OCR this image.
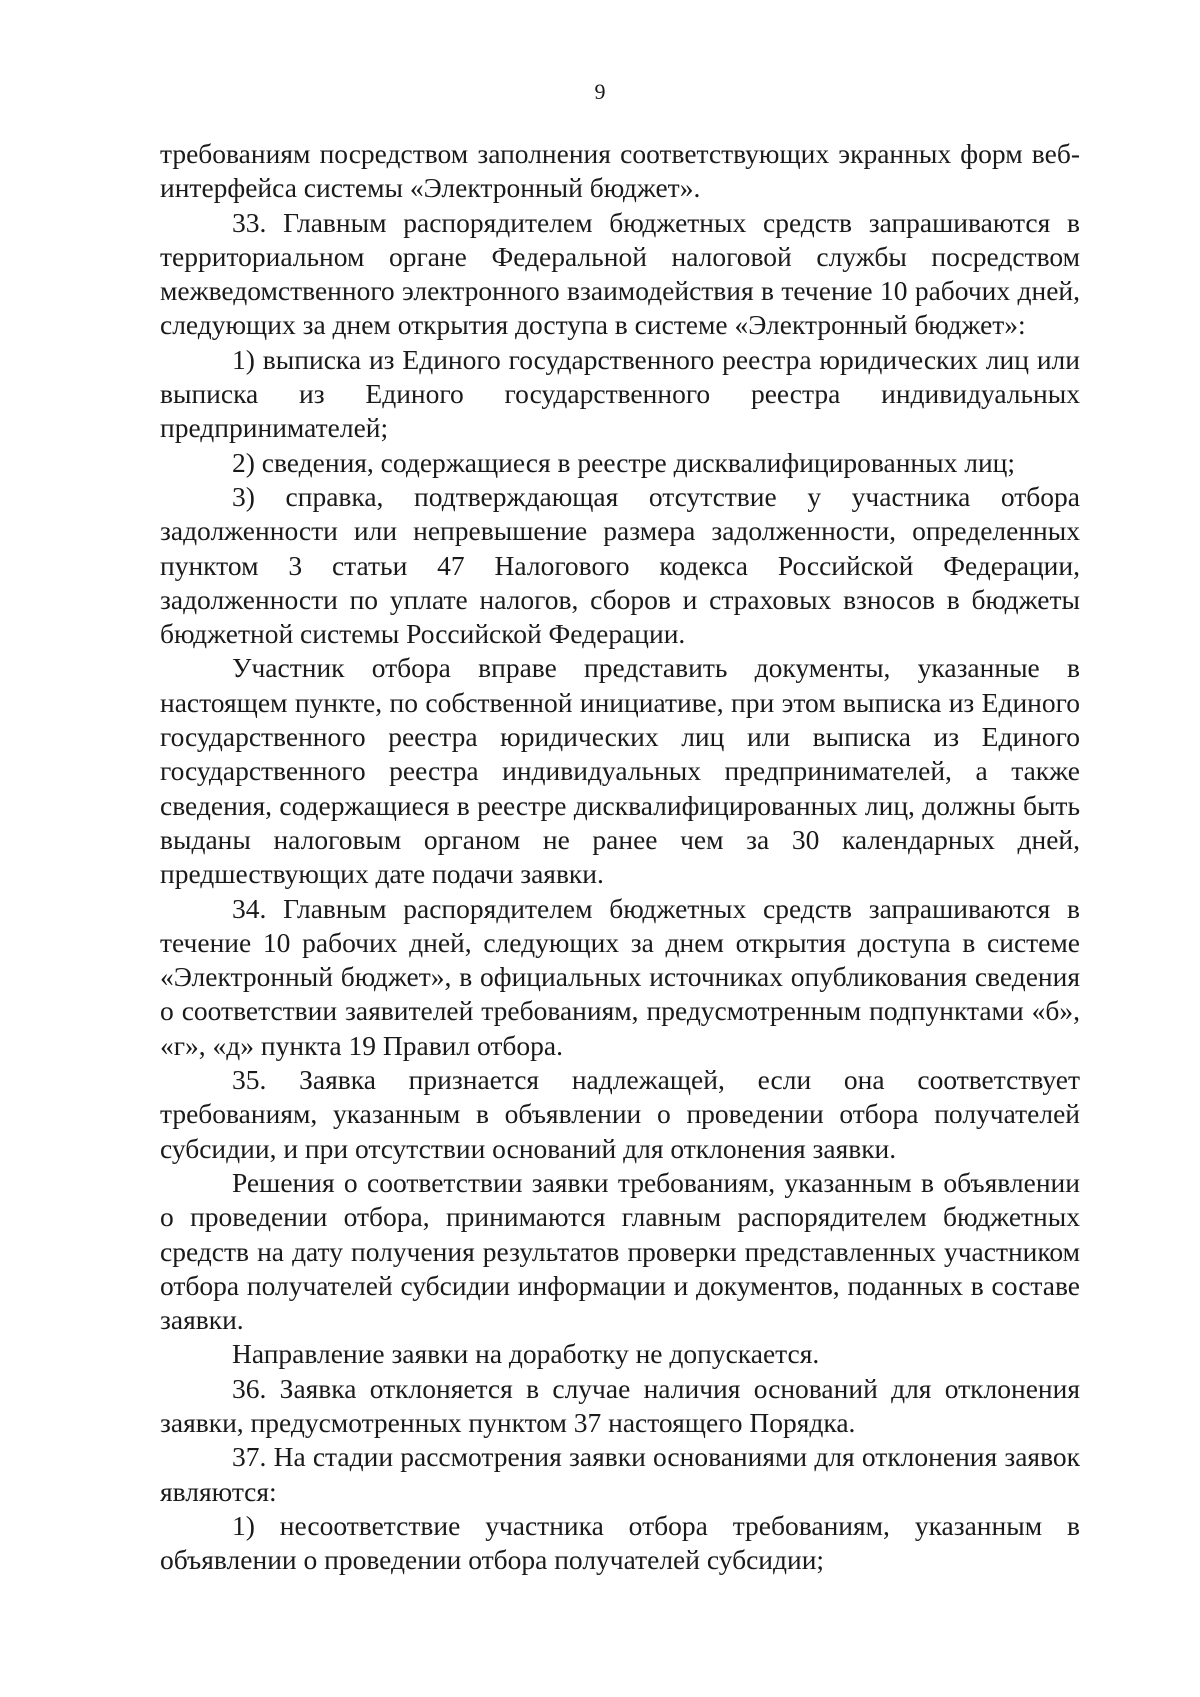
9

требованиям посредством заполнения соответствующих экранных форм веб-интерфейса системы «Электронный бюджет».

33. Главным распорядителем бюджетных средств запрашиваются в территориальном органе Федеральной налоговой службы посредством межведомственного электронного взаимодействия в течение 10 рабочих дней, следующих за днем открытия доступа в системе «Электронный бюджет»:

1) выписка из Единого государственного реестра юридических лиц или выписка из Единого государственного реестра индивидуальных предпринимателей;

2) сведения, содержащиеся в реестре дисквалифицированных лиц;

3) справка, подтверждающая отсутствие у участника отбора задолженности или непревышение размера задолженности, определенных пунктом 3 статьи 47 Налогового кодекса Российской Федерации, задолженности по уплате налогов, сборов и страховых взносов в бюджеты бюджетной системы Российской Федерации.

Участник отбора вправе представить документы, указанные в настоящем пункте, по собственной инициативе, при этом выписка из Единого государственного реестра юридических лиц или выписка из Единого государственного реестра индивидуальных предпринимателей, а также сведения, содержащиеся в реестре дисквалифицированных лиц, должны быть выданы налоговым органом не ранее чем за 30 календарных дней, предшествующих дате подачи заявки.

34. Главным распорядителем бюджетных средств запрашиваются в течение 10 рабочих дней, следующих за днем открытия доступа в системе «Электронный бюджет», в официальных источниках опубликования сведения о соответствии заявителей требованиям, предусмотренным подпунктами «б», «г», «д» пункта 19 Правил отбора.

35. Заявка признается надлежащей, если она соответствует требованиям, указанным в объявлении о проведении отбора получателей субсидии, и при отсутствии оснований для отклонения заявки.

Решения о соответствии заявки требованиям, указанным в объявлении о проведении отбора, принимаются главным распорядителем бюджетных средств на дату получения результатов проверки представленных участником отбора получателей субсидии информации и документов, поданных в составе заявки.

Направление заявки на доработку не допускается.

36. Заявка отклоняется в случае наличия оснований для отклонения заявки, предусмотренных пунктом 37 настоящего Порядка.

37. На стадии рассмотрения заявки основаниями для отклонения заявок являются:

1) несоответствие участника отбора требованиям, указанным в объявлении о проведении отбора получателей субсидии;
